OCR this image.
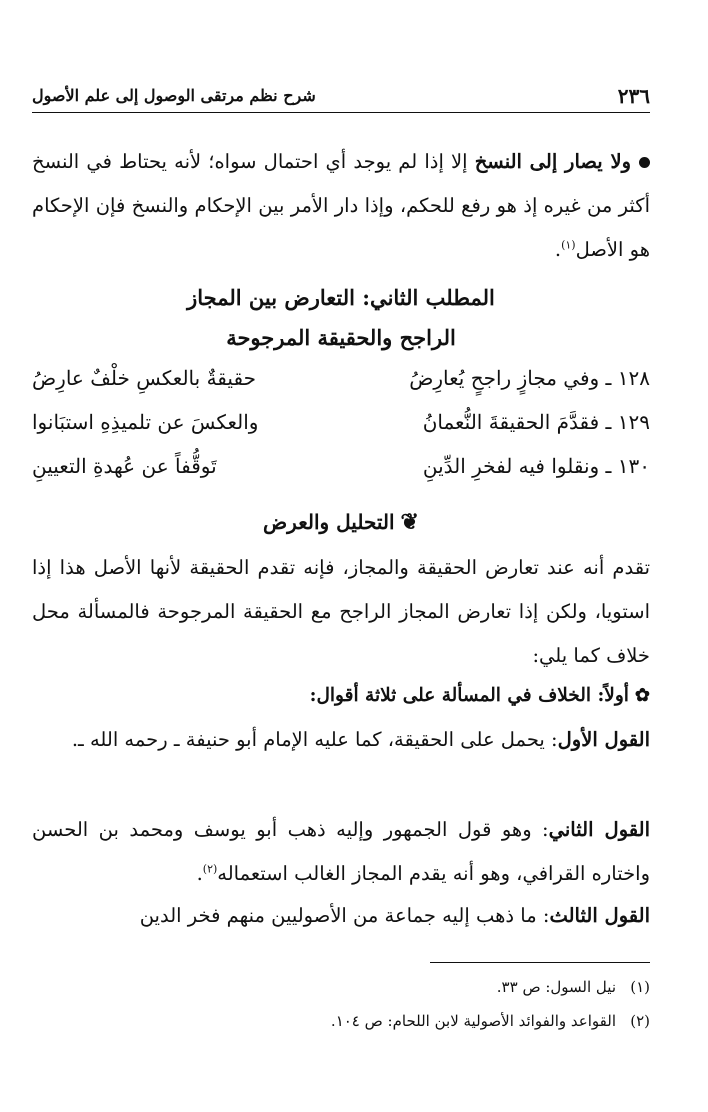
٢٣٦
شرح نظم مرتقى الوصول إلى علم الأصول

ولا يصار إلى النسخ إلا إذا لم يوجد أي احتمال سواه؛ لأنه يحتاط في النسخ أكثر من غيره إذ هو رفع للحكم، وإذا دار الأمر بين الإحكام والنسخ فإن الإحكام هو الأصل$^{(١)}$.

المطلب الثاني: التعارض بين المجاز

الراجح والحقيقة المرجوحة

١٢٨ ـ وفي مجازٍ راجحٍ يُعارِضُ
حقيقةٌ بالعكسِ خلْفٌ عارِضُ
١٢٩ ـ فقدَّمَ الحقيقةَ النُّعمانُ
والعكسَ عن تلميذِهِ استبَانوا
١٣٠ ـ ونقلوا فيه لفخرِ الدِّينِ
تَوقُّفاً عن عُهدةِ التعيينِ
❦التحليل والعرض

تقدم أنه عند تعارض الحقيقة والمجاز، فإنه تقدم الحقيقة لأنها الأصل هذا إذا استويا، ولكن إذا تعارض المجاز الراجح مع الحقيقة المرجوحة فالمسألة محل خلاف كما يلي:

✿أولاً: الخلاف في المسألة على ثلاثة أقوال:

القول الأول: يحمل على الحقيقة، كما عليه الإمام أبو حنيفة ـ رحمه الله ـ.

القول الثاني: وهو قول الجمهور وإليه ذهب أبو يوسف ومحمد بن الحسن واختاره القرافي، وهو أنه يقدم المجاز الغالب استعماله$^{(٢)}$.

القول الثالث: ما ذهب إليه جماعة من الأصوليين منهم فخر الدين

(١)نيل السول: ص ٣٣.
(٢)القواعد والفوائد الأصولية لابن اللحام: ص ١٠٤.
